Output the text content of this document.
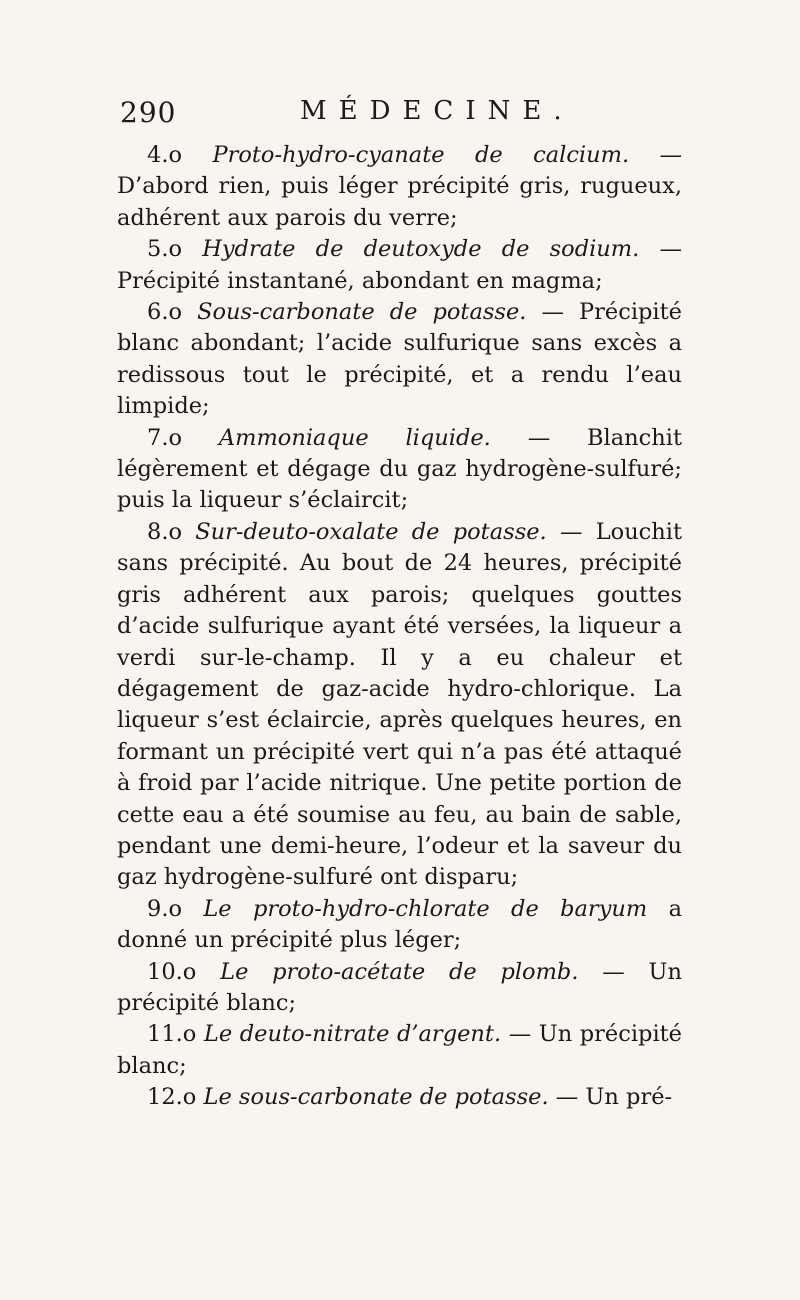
290	MÉDECINE.

4.o Proto-hydro-cyanate de calcium. — D’abord rien, puis léger précipité gris, rugueux, adhérent aux parois du verre;

5.o Hydrate de deutoxyde de sodium. — Précipité instantané, abondant en magma;

6.o Sous-carbonate de potasse. — Précipité blanc abondant; l’acide sulfurique sans excès a redissous tout le précipité, et a rendu l’eau limpide;

7.o Ammoniaque liquide. — Blanchit légèrement et dégage du gaz hydrogène-sulfuré; puis la liqueur s’éclaircit;

8.o Sur-deuto-oxalate de potasse. — Louchit sans précipité. Au bout de 24 heures, précipité gris adhérent aux parois; quelques gouttes d’acide sulfurique ayant été versées, la liqueur a verdi sur-le-champ. Il y a eu chaleur et dégagement de gaz-acide hydro-chlorique. La liqueur s’est éclaircie, après quelques heures, en formant un précipité vert qui n’a pas été attaqué à froid par l’acide nitrique. Une petite portion de cette eau a été soumise au feu, au bain de sable, pendant une demi-heure, l’odeur et la saveur du gaz hydrogène-sulfuré ont disparu;

9.o Le proto-hydro-chlorate de baryum a donné un précipité plus léger;

10.o Le proto-acétate de plomb. — Un précipité blanc;

11.o Le deuto-nitrate d’argent. — Un précipité blanc;

12.o Le sous-carbonate de potasse. — Un pré-
